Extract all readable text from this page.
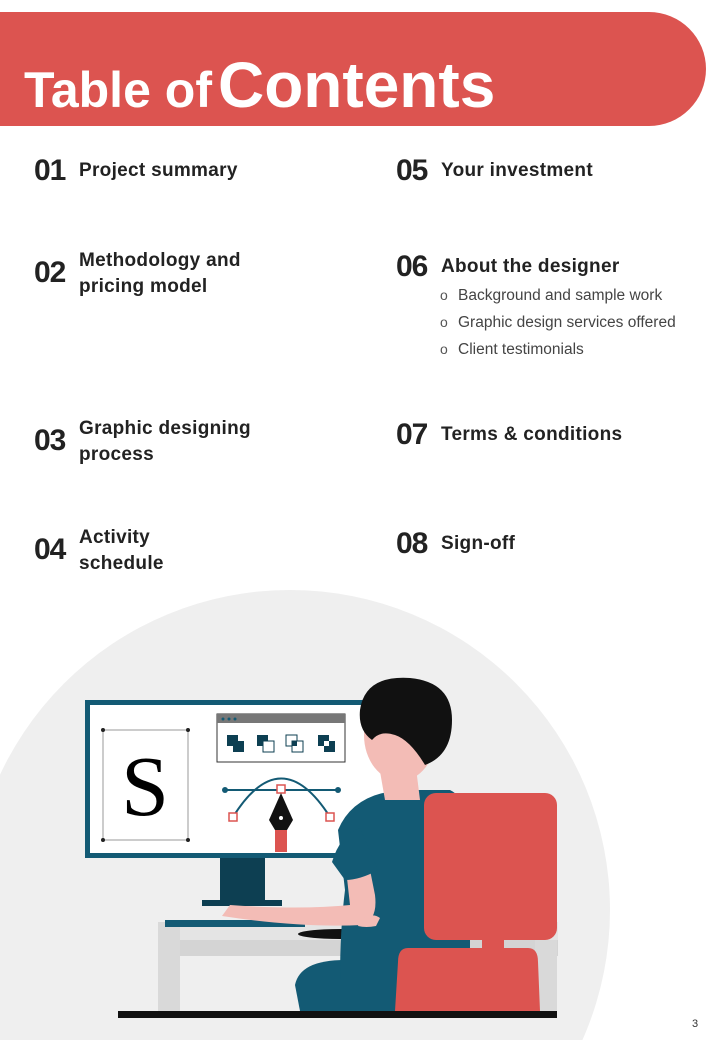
Table ofContents
01 Project summary
02 Methodology and pricing model
03 Graphic designing process
04 Activity schedule
05 Your investment
06 About the designer
o Background and sample work
o Graphic design services offered
o Client testimonials
07 Terms & conditions
08 Sign-off
S
3
